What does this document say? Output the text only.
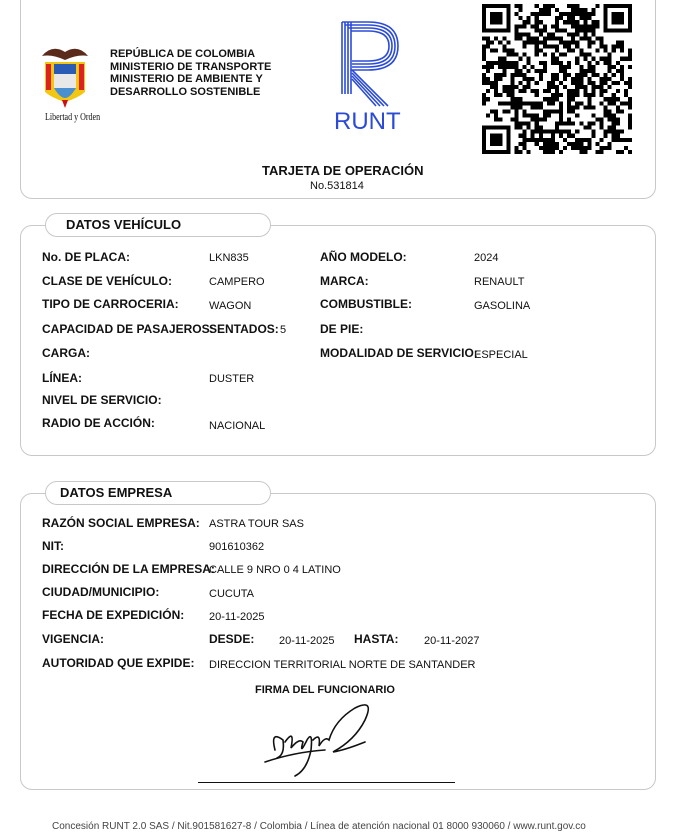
Libertad y Orden
REPÚBLICA DE COLOMBIA
MINISTERIO DE TRANSPORTE
MINISTERIO DE AMBIENTE Y
DESARROLLO SOSTENIBLE
RUNT
TARJETA DE OPERACIÓN
No.531814
DATOS VEHÍCULO
No. DE PLACA:	LKN835
CLASE DE VEHÍCULO:	CAMPERO
TIPO DE CARROCERIA:	WAGON
CAPACIDAD DE PASAJEROS:
SENTADOS: 5
CARGA:
LÍNEA:	DUSTER
NIVEL DE SERVICIO:
RADIO DE ACCIÓN:	NACIONAL
AÑO MODELO:	2024
MARCA:	RENAULT
COMBUSTIBLE:	GASOLINA
DE PIE:
MODALIDAD DE SERVICIO:
ESPECIAL
DATOS EMPRESA
RAZÓN SOCIAL EMPRESA: ASTRA TOUR SAS
NIT:	901610362
DIRECCIÓN DE LA EMPRESA:
CALLE 9 NRO 0 4 LATINO
CIUDAD/MUNICIPIO:	CUCUTA
FECHA DE EXPEDICIÓN: 20-11-2025
VIGENCIA:	DESDE: 20-11-2025 HASTA: 20-11-2027
AUTORIDAD QUE EXPIDE: DIRECCION TERRITORIAL NORTE DE SANTANDER
FIRMA DEL FUNCIONARIO
Concesión RUNT 2.0 SAS / Nit.901581627-8 / Colombia / Línea de atención nacional 01 8000 930060 / www.runt.gov.co
